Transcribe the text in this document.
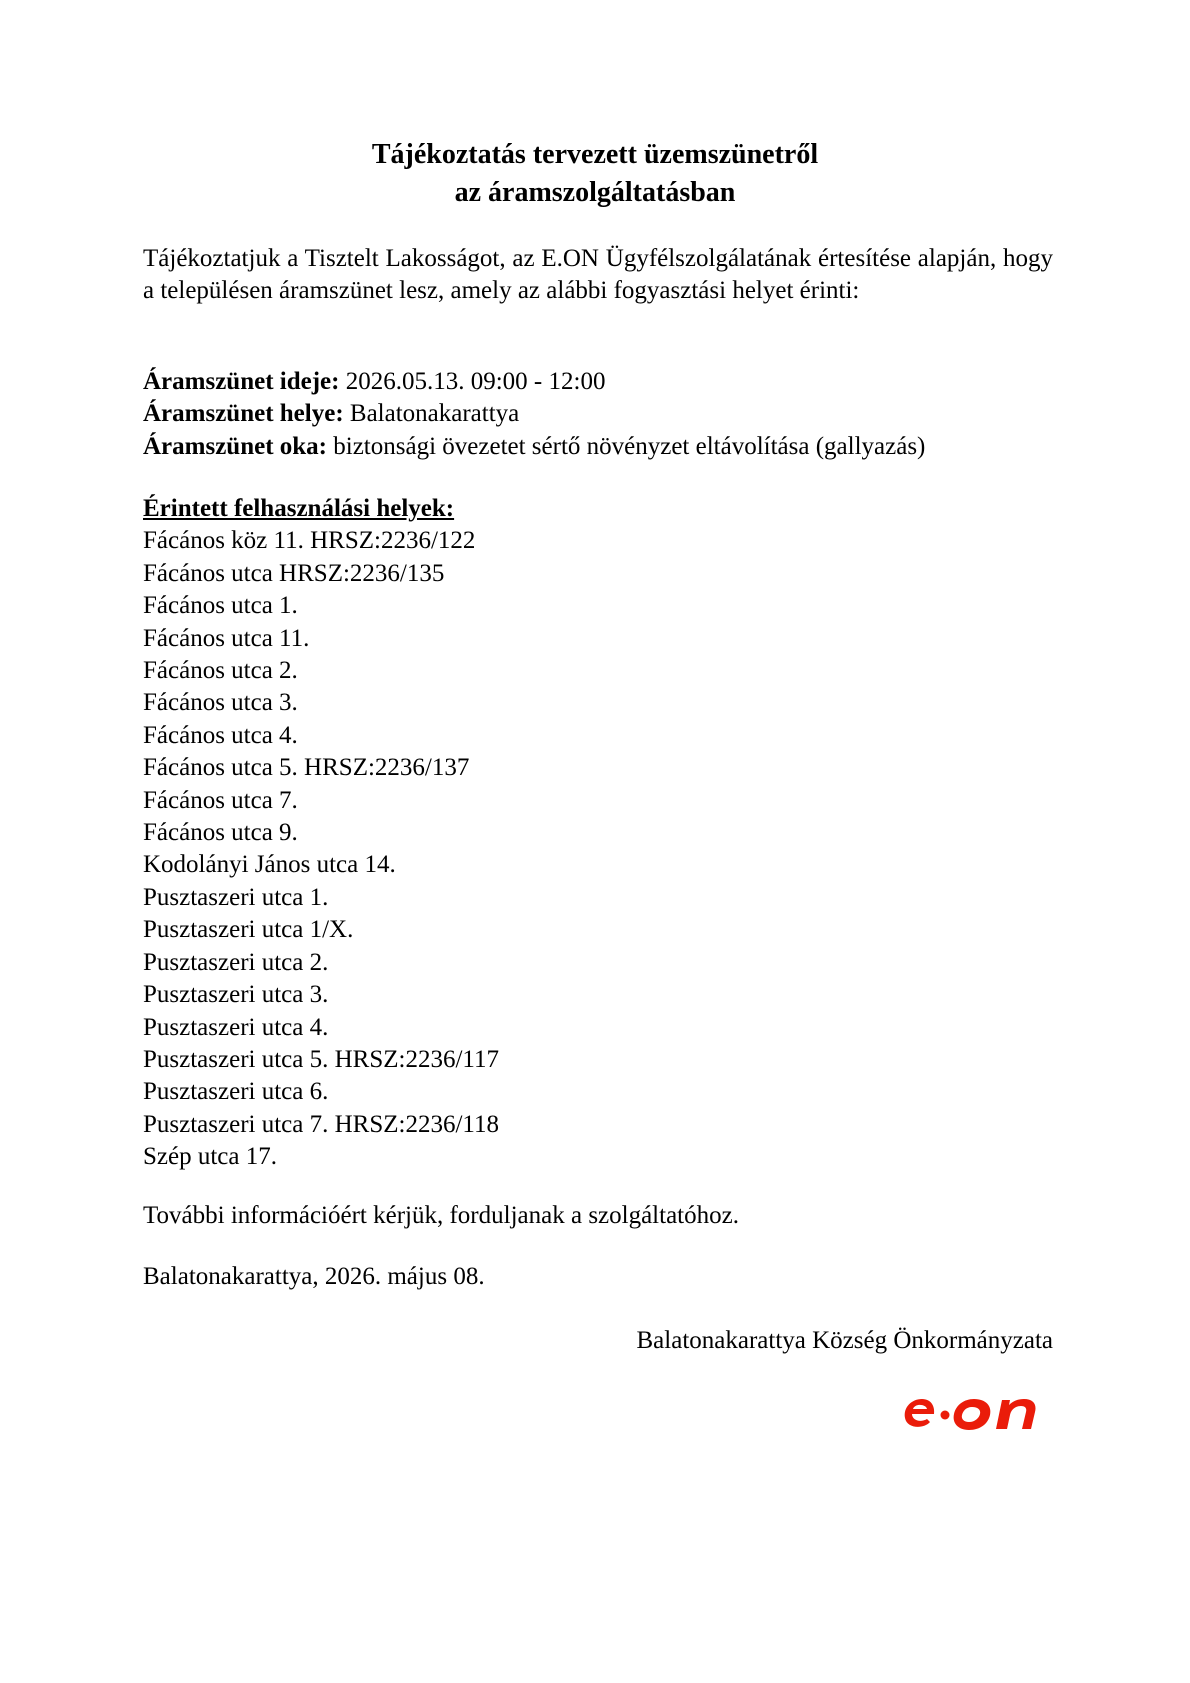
Tájékoztatás tervezett üzemszünetről
az áramszolgáltatásban

Tájékoztatjuk a Tisztelt Lakosságot, az E.ON Ügyfélszolgálatának értesítése alapján, hogy a településen áramszünet lesz, amely az alábbi fogyasztási helyet érinti:

Áramszünet ideje: 2026.05.13. 09:00 - 12:00
Áramszünet helye: Balatonakarattya
Áramszünet oka: biztonsági övezetet sértő növényzet eltávolítása (gallyazás)
Érintett felhasználási helyek:
Fácános köz 11. HRSZ:2236/122
Fácános utca HRSZ:2236/135
Fácános utca 1.
Fácános utca 11.
Fácános utca 2.
Fácános utca 3.
Fácános utca 4.
Fácános utca 5. HRSZ:2236/137
Fácános utca 7.
Fácános utca 9.
Kodolányi János utca 14.
Pusztaszeri utca 1.
Pusztaszeri utca 1/X.
Pusztaszeri utca 2.
Pusztaszeri utca 3.
Pusztaszeri utca 4.
Pusztaszeri utca 5. HRSZ:2236/117
Pusztaszeri utca 6.
Pusztaszeri utca 7. HRSZ:2236/118
Szép utca 17.
További információért kérjük, forduljanak a szolgáltatóhoz.
Balatonakarattya, 2026. május 08.
Balatonakarattya Község Önkormányzata
